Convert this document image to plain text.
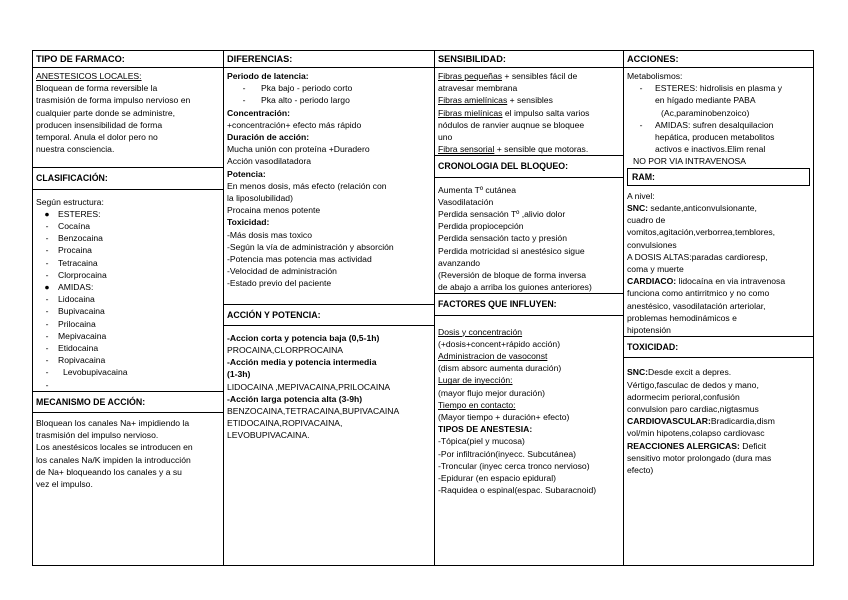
TIPO DE FARMACO:

ANESTESICOS LOCALES:

Bloquean de forma reversible la

trasmisión de forma impulso nervioso en

cualquier parte donde se administre,

producen insensibilidad de forma

temporal. Anula el dolor pero no

nuestra consciencia.

CLASIFICACIÓN:

Según estructura:

● ESTERES:
-	Cocaína
-	Benzocaina
-	Procaina
-	Tetracaina
-	Clorprocaina
● AMIDAS:
-	Lidocaina
-	Bupivacaina
-	Prilocaina
-	Mepivacaina
-	Etidocaina
-	Ropivacaina
-	Levobupivacaina
-
MECANISMO DE ACCIÓN:

Bloquean los canales Na+ impidiendo la

trasmisión del impulso nervioso.

Los anestésicos locales se introducen en

los canales Na/K impiden la introducción

de Na+ bloqueando los canales y a su

vez el impulso.

DIFERENCIAS:

Periodo de latencia:

-	Pka bajo - periodo corto
-	Pka alto - periodo largo

Concentración:

+concentración+ efecto más rápido

Duración de acción:

Mucha unión con proteína +Duradero

Acción vasodilatadora

Potencia:

En menos dosis, más efecto (relación con

la liposolubilidad)

Procaina menos potente

Toxicidad:

-Más dosis mas toxico

-Según la vía de administración y absorción

-Potencia mas potencia mas actividad

-Velocidad de administración

-Estado previo del paciente

ACCIÓN Y POTENCIA:

-Accion corta y potencia baja (0,5-1h)

PROCAINA,CLORPROCAINA

-Acción media y potencia intermedia

(1-3h)

LIDOCAINA ,MEPIVACAINA,PRILOCAINA

-Acción larga potencia alta (3-9h)

BENZOCAINA,TETRACAINA,BUPIVACAINA

ETIDOCAINA,ROPIVACAINA,

LEVOBUPIVACAINA.

SENSIBILIDAD:

Fibras pequeñas + sensibles fácil de

atravesar membrana

Fibras amielínicas + sensibles

Fibras mielínicas el impulso salta varios

nódulos de ranvier auqnue se bloquee

uno

Fibra sensorial + sensible que motoras.

CRONOLOGIA DEL BLOQUEO:

Aumenta Tº cutánea

Vasodilatación

Perdida sensación Tº ,alivio dolor

Perdida propiocepción

Perdida sensación tacto y presión

Perdida motricidad si anestésico sigue

avanzando

(Reversión de bloque de forma inversa

de abajo a arriba los guiones anteriores)

FACTORES QUE INFLUYEN:

Dosis y concentración

(+dosis+concent+rápido acción)

Administracion de vasoconst

(dism absorc aumenta duración)

Lugar de inyección:

(mayor flujo mejor duración)

Tiempo en contacto:

(Mayor tiempo + duración+ efecto)

TIPOS DE ANESTESIA:

-Tópica(piel y mucosa)

-Por infiltración(inyecc. Subcutánea)

-Troncular (inyec cerca tronco nervioso)

-Epidurar (en espacio epidural)

-Raquidea o espinal(espac. Subaracnoid)

ACCIONES:

Metabolismos:

-	ESTERES: hidrolisis en plasma y

en hígado mediante PABA

(Ac,paraminobenzoico)

-	AMIDAS: sufren desalquilacion

hepática, producen metabolitos

activos e inactivos.Elim renal

NO POR VIA INTRAVENOSA

RAM:

A nivel:

SNC: sedante,anticonvulsionante,

cuadro de

vomitos,agitación,verborrea,temblores,

convulsiones

A DOSIS ALTAS:paradas cardioresp,

coma y muerte

CARDIACO: lidocaína en via intravenosa

funciona como antirritmico y no como

anestésico, vasodilatación arteriolar,

problemas hemodinámicos e

hipotensión

TOXICIDAD:

SNC:Desde excit a depres.

Vértigo,fasculac de dedos y mano,

adormecim perioral,confusión

convulsion paro cardiac,nigtasmus

CARDIOVASCULAR:Bradicardia,dism

vol/min hipotens,colapso cardiovasc

REACCIONES ALERGICAS: Deficit

sensitivo motor prolongado (dura mas

efecto)
